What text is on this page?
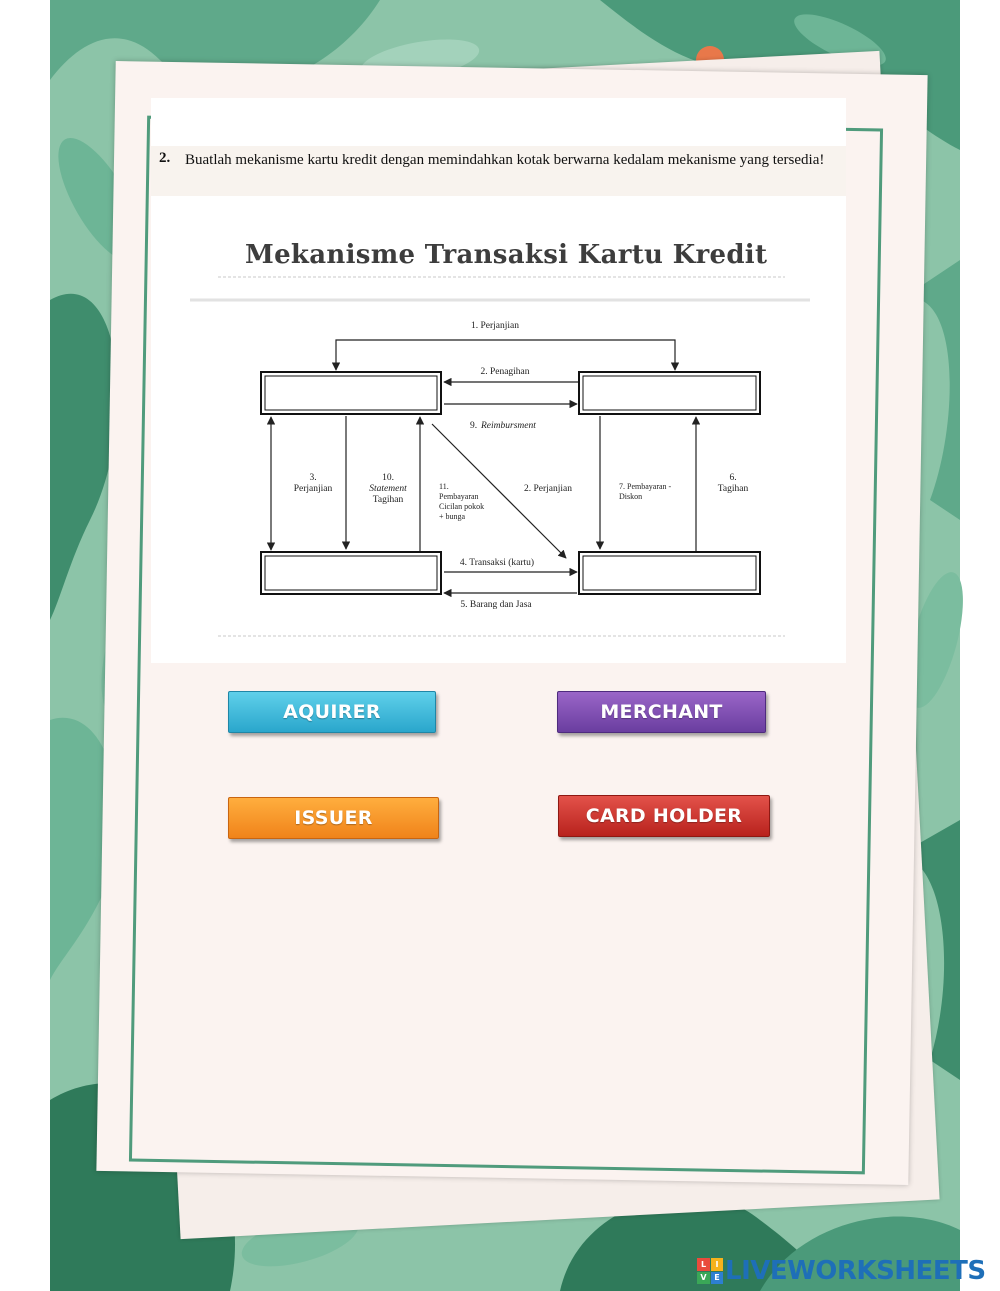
2. Buatlah mekanisme kartu kredit dengan memindahkan kotak berwarna kedalam mekanisme yang tersedia!
Mekanisme Transaksi Kartu Kredit
1. Perjanjian
2. Penagihan
9. Reimbursment
3.
Perjanjian
10.
Statement
Tagihan
11.
Pembayaran
Cicilan pokok
+ bunga
2. Perjanjian	7. Pembayaran -
Diskon
6.
Tagihan
4. Transaksi (kartu)
5. Barang dan Jasa
AQUIRER	MERCHANT
ISSUER	CARD HOLDER
L	I
V	E LIVEWORKSHEETS
